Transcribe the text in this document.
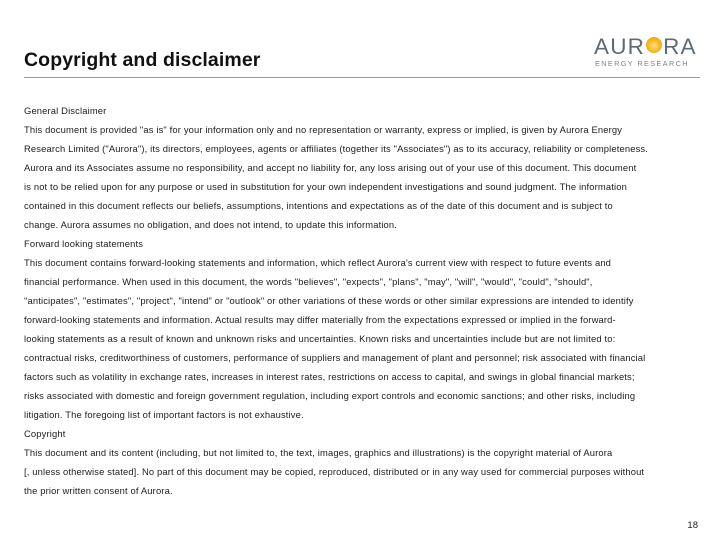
Copyright and disclaimer
AUR RA
ENERGY RESEARCH

General Disclaimer

This document is provided "as is" for your information only and no representation or warranty, express or implied, is given by Aurora Energy

Research Limited ("Aurora"), its directors, employees, agents or affiliates (together its "Associates") as to its accuracy, reliability or completeness.

Aurora and its Associates assume no responsibility, and accept no liability for, any loss arising out of your use of this document. This document

is not to be relied upon for any purpose or used in substitution for your own independent investigations and sound judgment. The information

contained in this document reflects our beliefs, assumptions, intentions and expectations as of the date of this document and is subject to

change. Aurora assumes no obligation, and does not intend, to update this information.

Forward looking statements

This document contains forward-looking statements and information, which reflect Aurora's current view with respect to future events and

financial performance. When used in this document, the words "believes", "expects", "plans", "may", "will", "would", "could", "should",

"anticipates", "estimates", "project", "intend" or "outlook" or other variations of these words or other similar expressions are intended to identify

forward-looking statements and information. Actual results may differ materially from the expectations expressed or implied in the forward-

looking statements as a result of known and unknown risks and uncertainties. Known risks and uncertainties include but are not limited to:

contractual risks, creditworthiness of customers, performance of suppliers and management of plant and personnel; risk associated with financial

factors such as volatility in exchange rates, increases in interest rates, restrictions on access to capital, and swings in global financial markets;

risks associated with domestic and foreign government regulation, including export controls and economic sanctions; and other risks, including

litigation. The foregoing list of important factors is not exhaustive.

Copyright

This document and its content (including, but not limited to, the text, images, graphics and illustrations) is the copyright material of Aurora

[, unless otherwise stated]. No part of this document may be copied, reproduced, distributed or in any way used for commercial purposes without

the prior written consent of Aurora.

18
